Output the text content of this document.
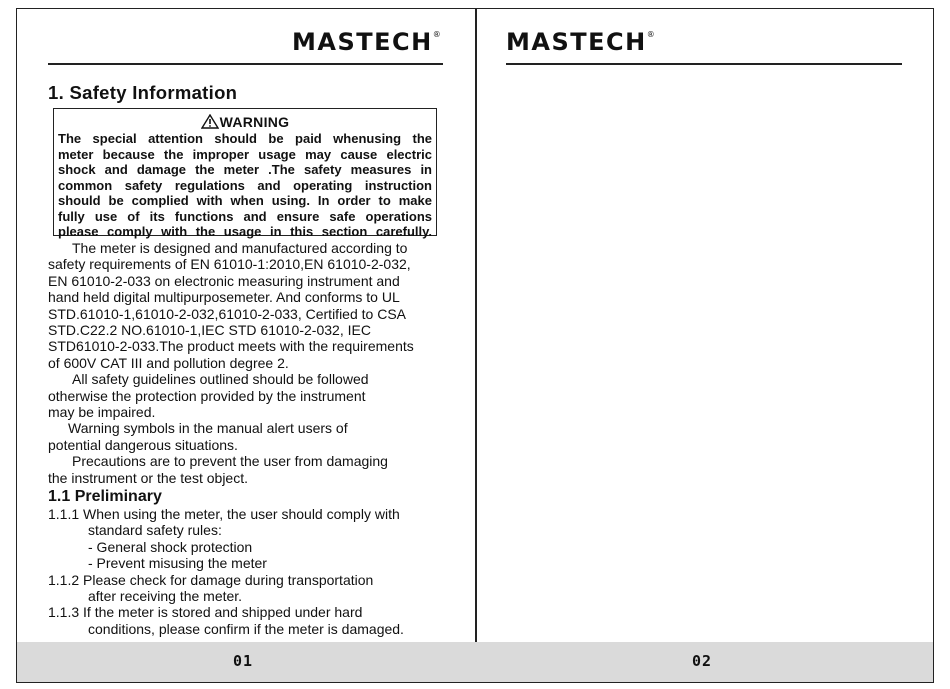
MASTECH®
1. Safety Information
WARNING
The special attention should be paid whenusing the
meter because the improper usage may cause electric
shock and damage the meter .The safety measures in
common safety regulations and operating instruction
should be complied with when using. In order to make
fully use of its functions and ensure safe operations
please comply with the usage in this section carefully.
The meter is designed and manufactured according to
safety requirements of EN 61010-1:2010,EN 61010-2-032,
EN 61010-2-033 on electronic measuring instrument and
hand held digital multipurposemeter. And conforms to UL
STD.61010-1,61010-2-032,61010-2-033, Certified to CSA
STD.C22.2 NO.61010-1,IEC STD 61010-2-032, IEC
STD61010-2-033.The product meets with the requirements
of 600V CAT III and pollution degree 2.
All safety guidelines outlined should be followed
otherwise the protection provided by the instrument
may be impaired.
Warning symbols in the manual alert users of
potential dangerous situations.
Precautions are to prevent the user from damaging
the instrument or the test object.
1.1 Preliminary
1.1.1 When using the meter, the user should comply with
standard safety rules:
- General shock protection
- Prevent misusing the meter
1.1.2 Please check for damage during transportation
after receiving the meter.
1.1.3 If the meter is stored and shipped under hard
conditions, please confirm if the meter is damaged.
01
MASTECH®
02
